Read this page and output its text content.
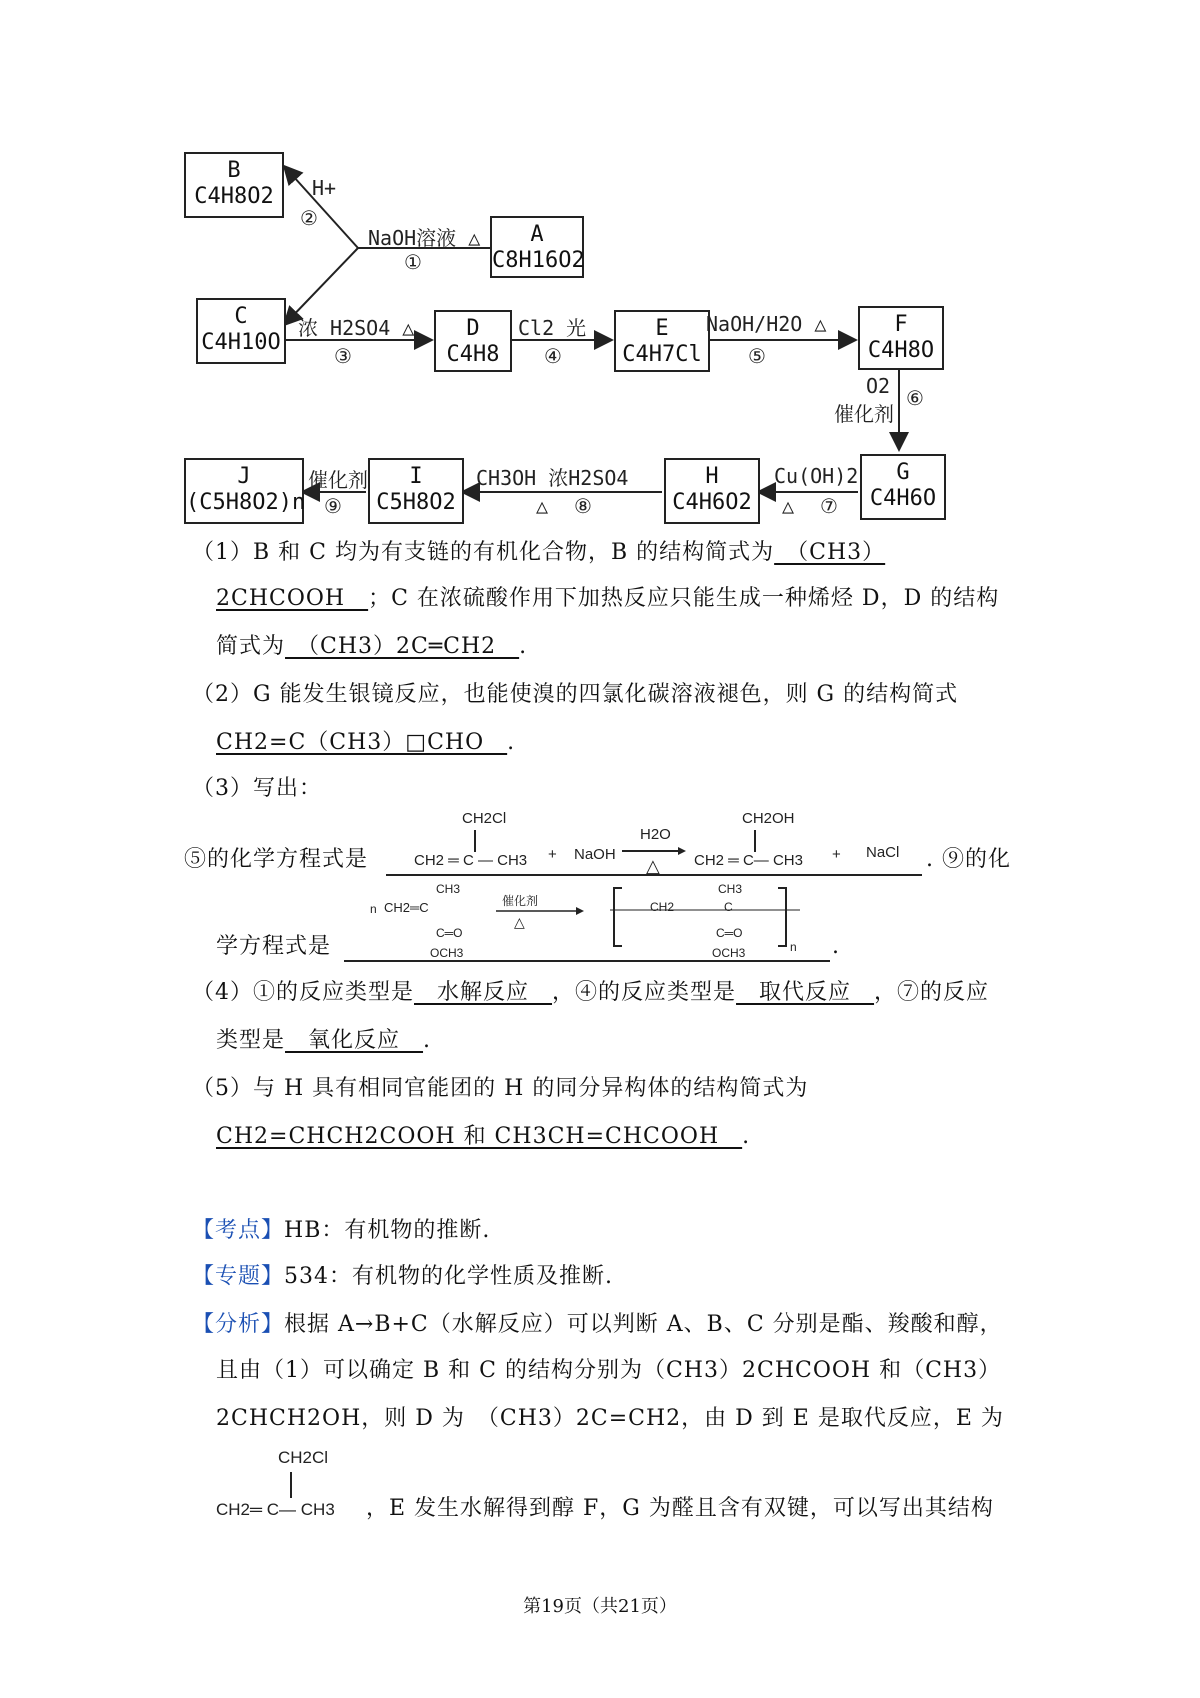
B
C4H8O2
A
C8H16O2
C
C4H10O
D
C4H8
E
C4H7Cl
F
C4H8O
G
C4H6O
H
C4H6O2
I
C5H8O2
J
(C5H8O2)n
H+
②
NaOH溶液 △
①
浓 H2SO4 △
③
Cl2 光
④
NaOH/H2O △
⑤
O2
催化剂
⑥
Cu(OH)2
△ ⑦
CH3OH 浓H2SO4
△ ⑧
催化剂
⑨
（1）B 和 C 均为有支链的有机化合物，B 的结构简式为　（CH3）
2CHCOOH　；C 在浓硫酸作用下加热反应只能生成一种烯烃 D，D 的结构
简式为　（CH3）2C═CH2　.
（2）G 能发生银镜反应，也能使溴的四氯化碳溶液褪色，则 G 的结构简式
CH2=C（CH3）□CHO　.
（3）写出：
⑤的化学方程式是	. ⑨的化
CH2Cl
CH2 ═ C — CH3 + NaOH
H2O
△
CH2OH
CH2 ═ C— CH3 + NaCl
n
CH3
CH2═C
C═O
OCH3
催化剂
△
CH2	C
CH3
C═O
OCH3	n
学方程式是	.
（4）①的反应类型是　水解反应　，④的反应类型是　取代反应　，⑦的反应
类型是　氧化反应　.
（5）与 H 具有相同官能团的 H 的同分异构体的结构简式为
CH2=CHCH2COOH 和 CH3CH=CHCOOH　.
【考点】HB：有机物的推断.
【专题】534：有机物的化学性质及推断.
【分析】根据 A→B+C（水解反应）可以判断 A、B、C 分别是酯、羧酸和醇，
且由（1）可以确定 B 和 C 的结构分别为（CH3）2CHCOOH 和（CH3）
2CHCH2OH，则 D 为　（CH3）2C=CH2，由 D 到 E 是取代反应，E 为
CH2Cl
CH2═ C— CH3 ，E 发生水解得到醇 F，G 为醛且含有双键，可以写出其结构
第19页（共21页）
